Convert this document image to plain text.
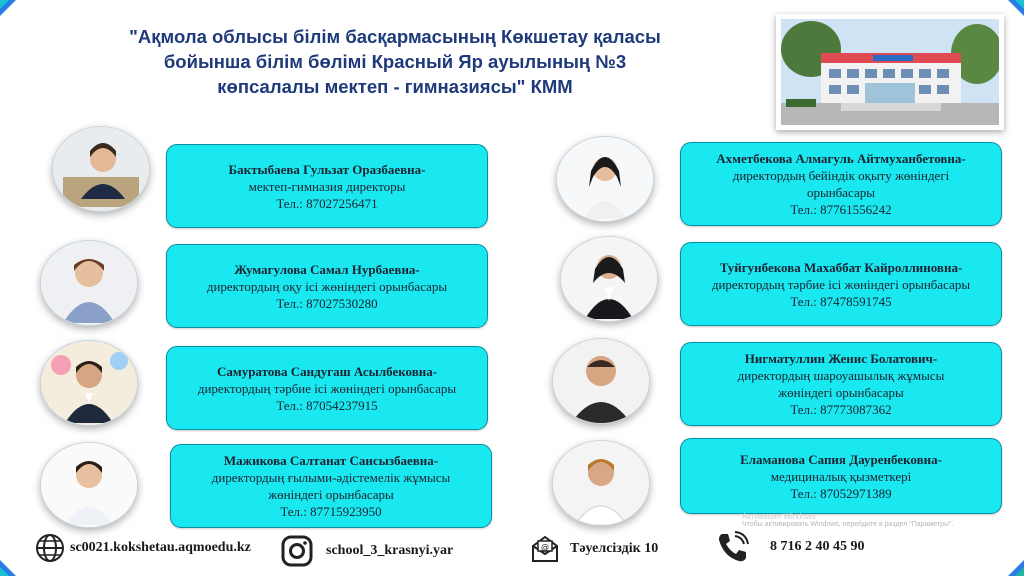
"Ақмола облысы білім басқармасының Көкшетау қаласы
бойынша білім бөлімі Красный Яр ауылының №3
көпсалалы мектеп - гимназиясы" КММ
Бактыбаева Гульзат Оразбаевна-
мектеп-гимназия директоры
Тел.: 87027256471
Жумагулова Самал Нурбаевна-
директордың оқу ісі жөніндегі орынбасары
Тел.: 87027530280
Самуратова Сандугаш Асылбековна-
директордың тәрбие ісі жөніндегі орынбасары
Тел.: 87054237915
Мажикова Салтанат Сансызбаевна-
директордың ғылыми-әдістемелік жұмысы
жөніндегі орынбасары
Тел.: 87715923950
Ахметбекова Алмагуль Айтмуханбетовна-
директордың бейіндік оқыту жөніндегі
орынбасары
Тел.: 87761556242
Туйгунбекова Махаббат Кайроллиновна-
директордың тәрбие ісі жөніндегі орынбасары
Тел.: 87478591745
Нигматуллин Женис Болатович-
директордың шароуашылық жұмысы
жөніндегі орынбасары
Тел.: 87773087362
Еламанова Сапия Дауренбековна-
медициналық қызметкері
Тел.: 87052971389
Активация Windows
Чтобы активировать Windows, перейдите в раздел "Параметры".
sc0021.kokshetau.aqmoedu.kz	school_3_krasnyi.yar	@ Тәуелсіздік 10	8 716 2 40 45 90
